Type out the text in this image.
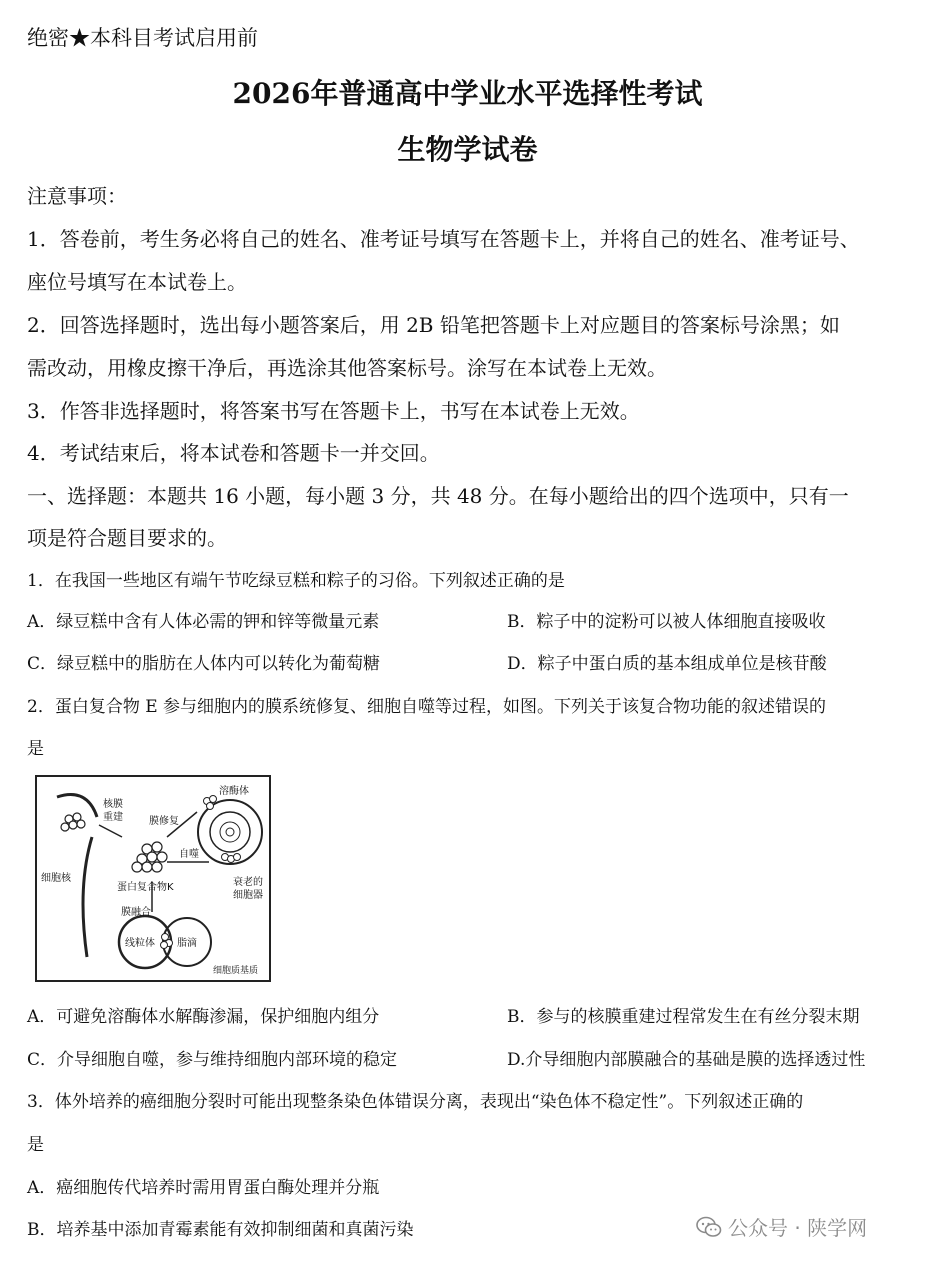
绝密★本科目考试启用前
2026年普通高中学业水平选择性考试
生物学试卷
注意事项：
1．答卷前，考生务必将自己的姓名、准考证号填写在答题卡上，并将自己的姓名、准考证号、
座位号填写在本试卷上。
2．回答选择题时，选出每小题答案后，用 2B 铅笔把答题卡上对应题目的答案标号涂黑；如
需改动，用橡皮擦干净后，再选涂其他答案标号。涂写在本试卷上无效。
3．作答非选择题时，将答案书写在答题卡上，书写在本试卷上无效。
4．考试结束后，将本试卷和答题卡一并交回。
一、选择题：本题共 16 小题，每小题 3 分，共 48 分。在每小题给出的四个选项中，只有一
项是符合题目要求的。
1．在我国一些地区有端午节吃绿豆糕和粽子的习俗。下列叙述正确的是
A．绿豆糕中含有人体必需的钾和锌等微量元素	B．粽子中的淀粉可以被人体细胞直接吸收
C．绿豆糕中的脂肪在人体内可以转化为葡萄糖	D．粽子中蛋白质的基本组成单位是核苷酸
2．蛋白复合物 E 参与细胞内的膜系统修复、细胞自噬等过程，如图。下列关于该复合物功能的叙述错误的
是
核膜
重建	膜修复
溶酶体
自噬
细胞核
蛋白复合物K	衰老的
细胞器
膜融合
线粒体 脂滴
细胞质基质
A．可避免溶酶体水解酶渗漏，保护细胞内组分	B．参与的核膜重建过程常发生在有丝分裂末期
C．介导细胞自噬，参与维持细胞内部环境的稳定	D.介导细胞内部膜融合的基础是膜的选择透过性
3．体外培养的癌细胞分裂时可能出现整条染色体错误分离，表现出“染色体不稳定性”。下列叙述正确的
是
A．癌细胞传代培养时需用胃蛋白酶处理并分瓶
B．培养基中添加青霉素能有效抑制细菌和真菌污染	公众号 · 陕学网
